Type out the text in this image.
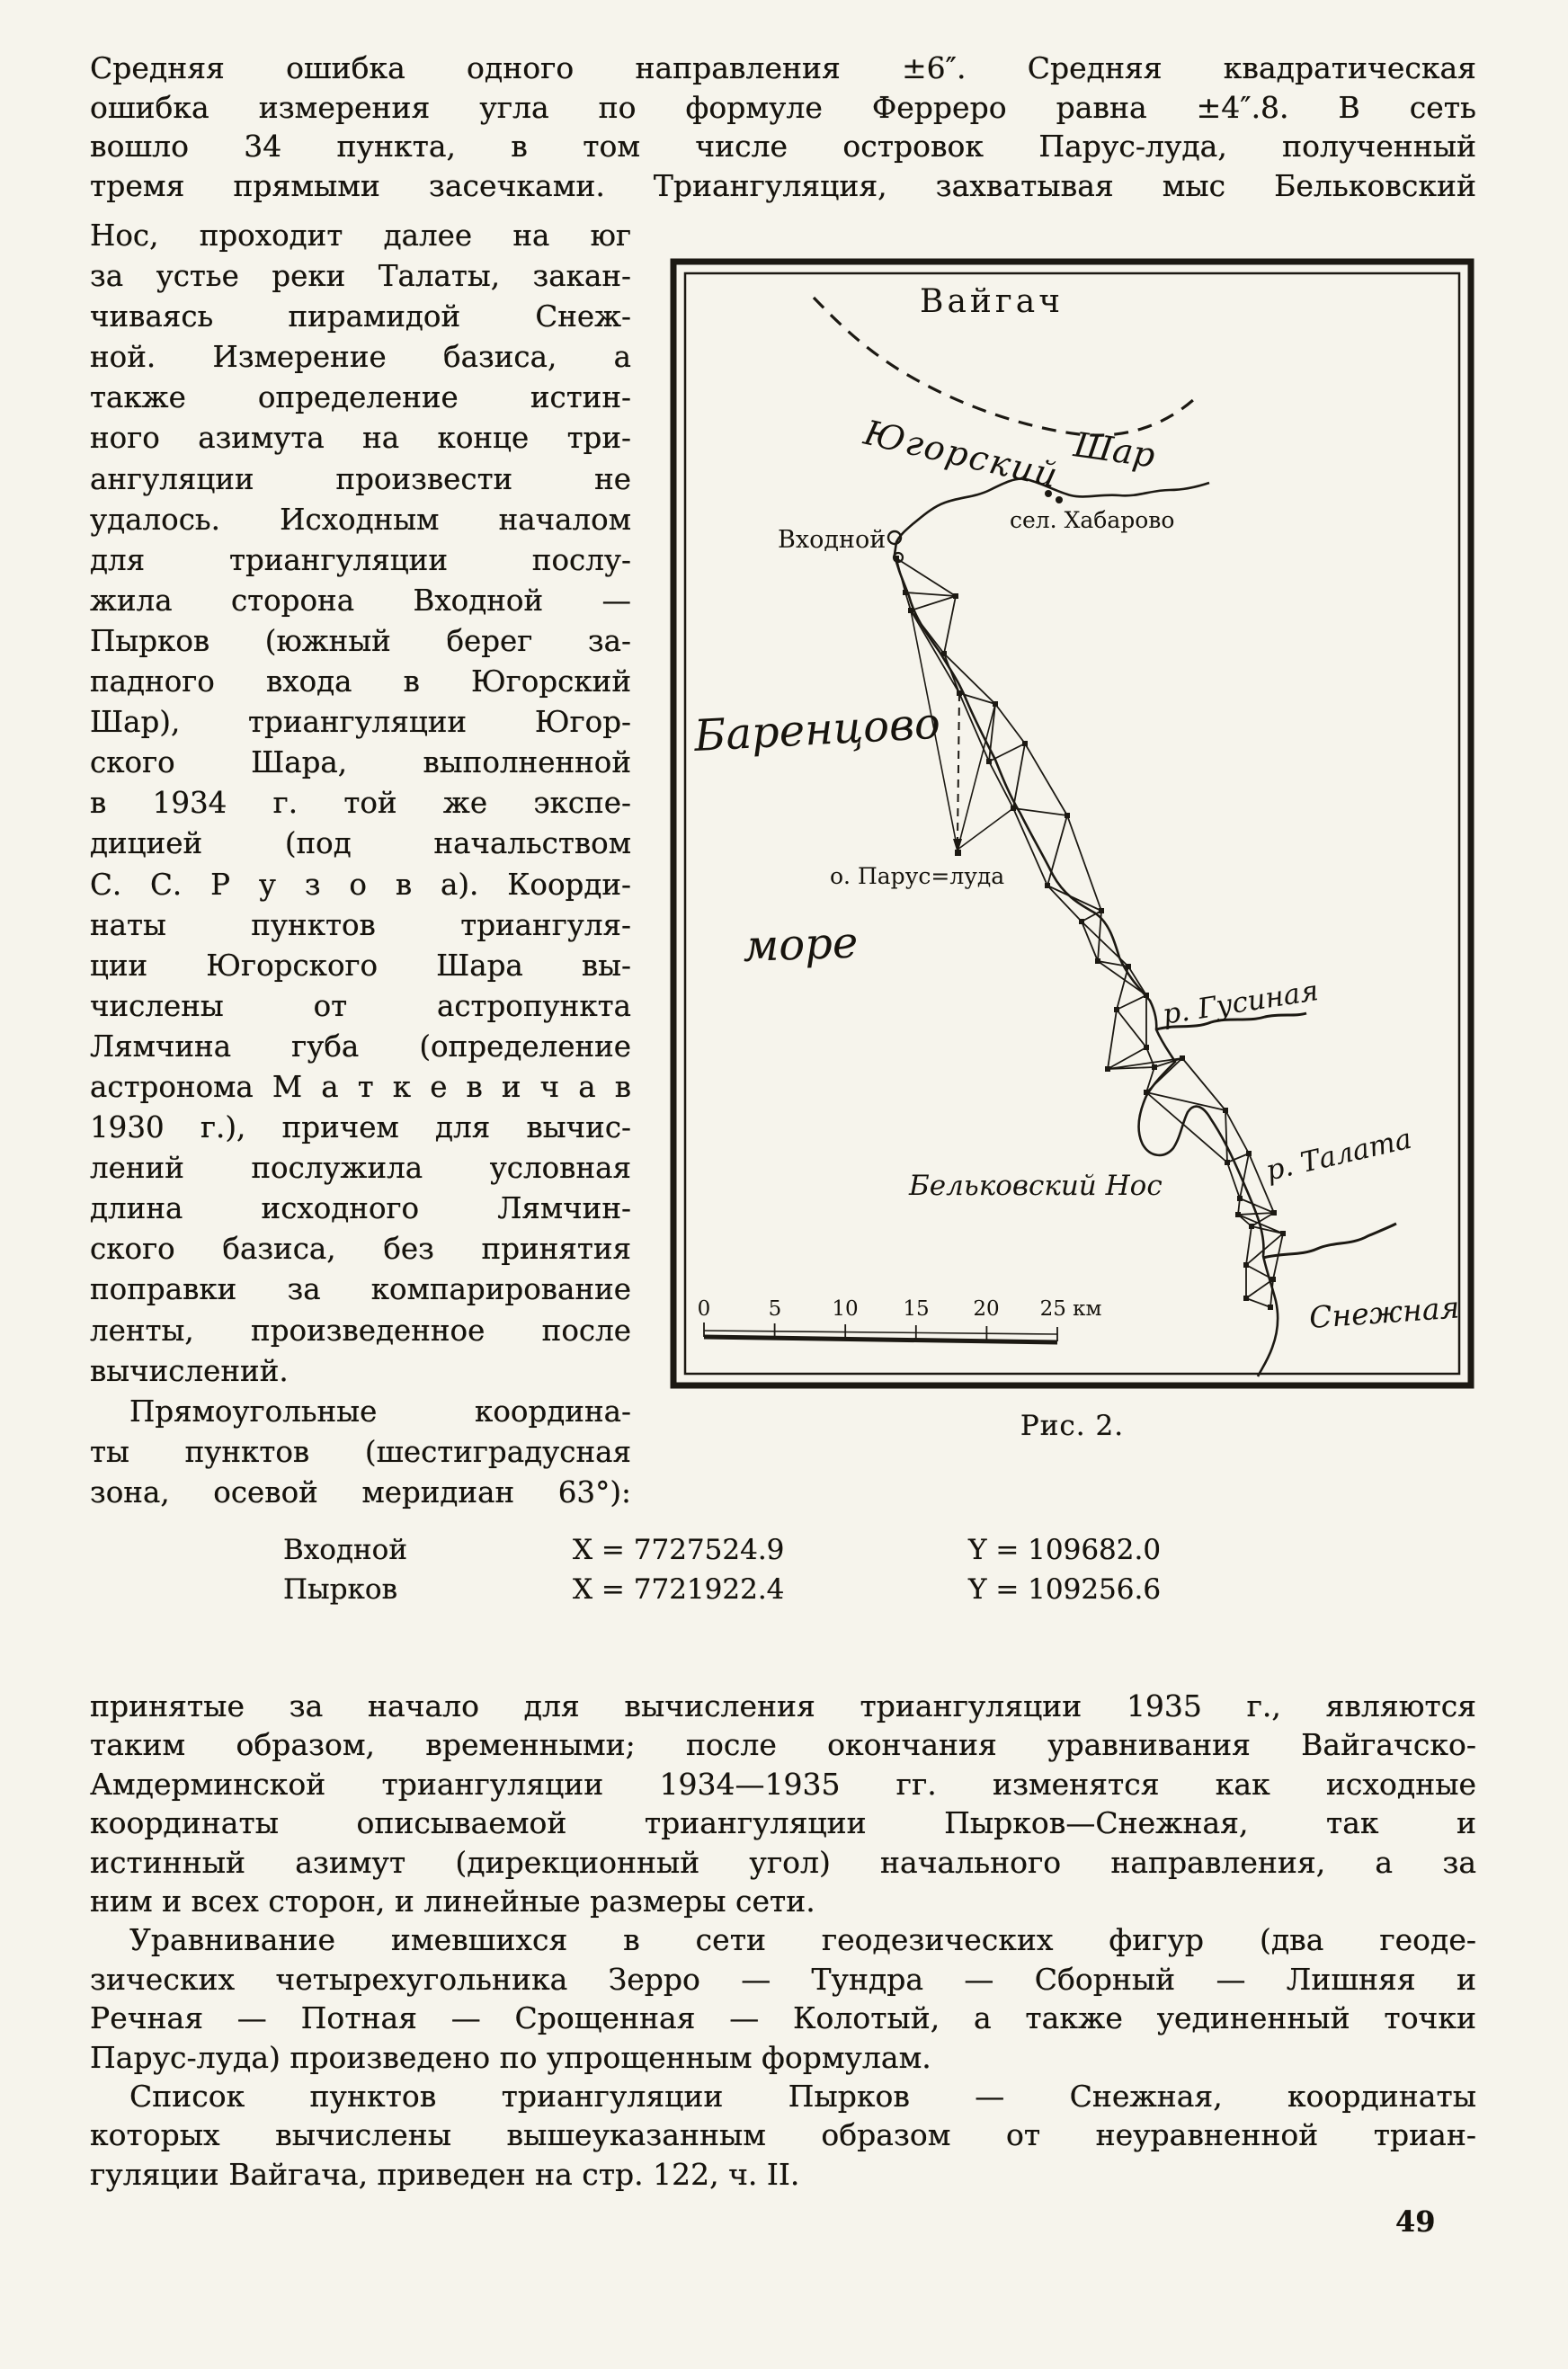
Средняя ошибка одного направления ±6″. Средняя квадратическая
ошибка измерения угла по формуле Ферреро равна ±4″.8. В сеть
вошло 34 пункта, в том числе островок Парус-луда, полученный
тремя прямыми засечками. Триангуляция, захватывая мыс Бельковский
Нос, проходит далее на юг
за устье реки Талаты, закан-
чиваясь пирамидой Снеж-
ной. Измерение базиса, а
также определение истин-
ного азимута на конце три-
ангуляции произвести не
удалось. Исходным началом
для триангуляции послу-
жила сторона Входной —
Пырков (южный берег за-
падного входа в Югорский
Шар), триангуляции Югор-
ского Шара, выполненной
в 1934 г. той же экспе-
дицией (под начальством
С. С. Р у з о в а). Коорди-
наты пунктов триангуля-
ции Югорского Шара вы-
числены от астропункта
Лямчина губа (определение
астронома М а т к е в и ч а в
1930 г.), причем для вычис-
лений послужила условная
длина исходного Лямчин-
ского базиса, без принятия
поправки за компарирование
ленты, произведенное после
вычислений.
Прямоугольные координа-
ты пунктов (шестиградусная
зона, осевой меридиан 63°):
Вайгач
Югорский Шар
сел. Хабарово
Входной
Баренцово
море
о. Парус=луда
р. Гусиная
Бельковский Нос	р. Талата
Снежная
0	5 10 15 20 25 км
Рис. 2.
Входной	X = 7727524.9	Y = 109682.0
Пырков	X = 7721922.4	Y = 109256.6
принятые за начало для вычисления триангуляции 1935 г., являются
таким образом, временными; после окончания уравнивания Вайгачско-
Амдерминской триангуляции 1934—1935 гг. изменятся как исходные
координаты описываемой триангуляции Пырков—Снежная, так и
истинный азимут (дирекционный угол) начального направления, а за
ним и всех сторон, и линейные размеры сети.
Уравнивание имевшихся в сети геодезических фигур (два геоде-
зических четырехугольника Зерро — Тундра — Сборный — Лишняя и
Речная — Потная — Срощенная — Колотый, а также уединенный точки
Парус-луда) произведено по упрощенным формулам.
Список пунктов триангуляции Пырков — Снежная, координаты
которых вычислены вышеуказанным образом от неуравненной триан-
гуляции Вайгача, приведен на стр. 122, ч. II.
49
